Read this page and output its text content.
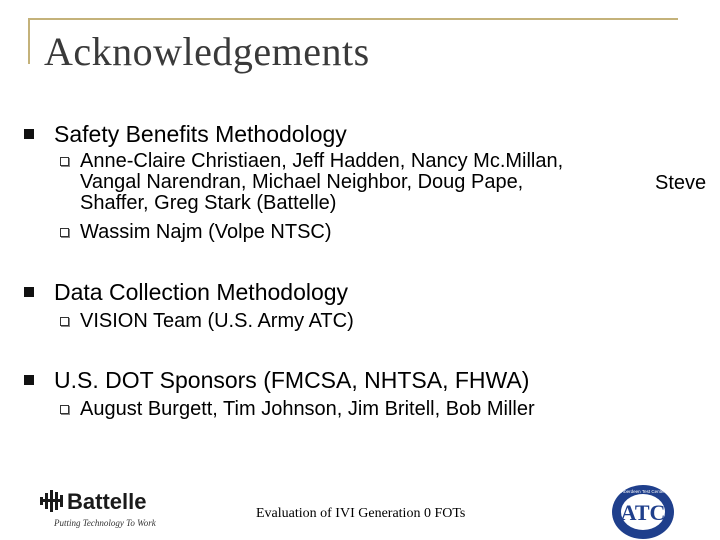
Acknowledgements
Safety Benefits Methodology
Anne-Claire Christiaen, Jeff Hadden, Nancy Mc.Millan,
Vangal Narendran, Michael Neighbor, Doug Pape,
Shaffer, Greg Stark (Battelle)
Steve
Wassim Najm (Volpe NTSC)
Data Collection Methodology
VISION Team (U.S. Army ATC)
U.S. DOT Sponsors (FMCSA, NHTSA, FHWA)
August Burgett, Tim Johnson, Jim Britell, Bob Miller
Battelle
Putting Technology To Work
Evaluation of IVI Generation 0 FOTs	ATC
Aberdeen Test Center
